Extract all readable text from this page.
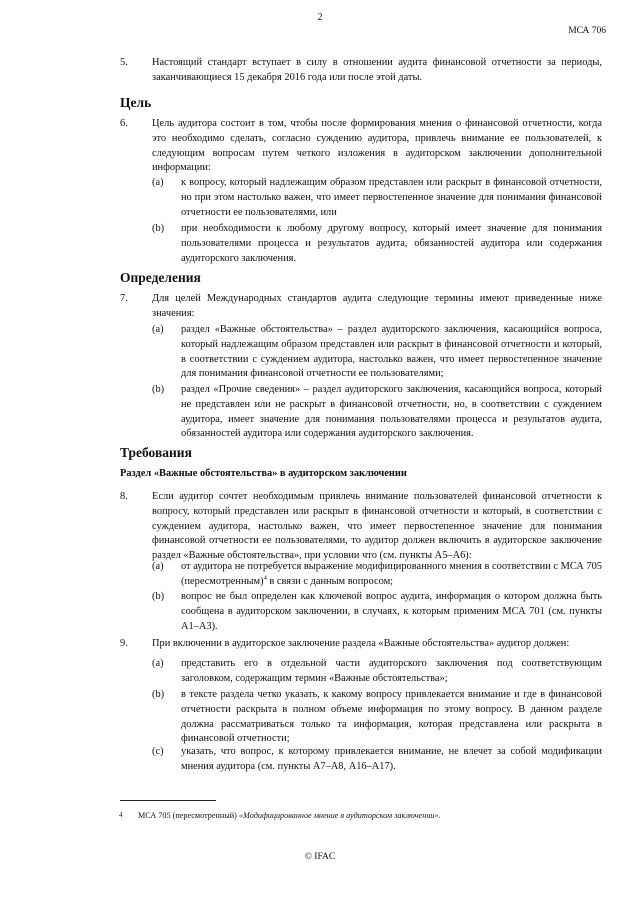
2
МСА 706
5. Настоящий стандарт вступает в силу в отношении аудита финансовой отчетности за периоды, заканчивающиеся 15 декабря 2016 года или после этой даты.
Цель
6. Цель аудитора состоит в том, чтобы после формирования мнения о финансовой отчетности, когда это необходимо сделать, согласно суждению аудитора, привлечь внимание ее пользователей, к следующим вопросам путем четкого изложения в аудиторском заключении дополнительной информации:
(a) к вопросу, который надлежащим образом представлен или раскрыт в финансовой отчетности, но при этом настолько важен, что имеет первостепенное значение для понимания финансовой отчетности ее пользователями, или
(b) при необходимости к любому другому вопросу, который имеет значение для понимания пользователями процесса и результатов аудита, обязанностей аудитора или содержания аудиторского заключения.
Определения
7. Для целей Международных стандартов аудита следующие термины имеют приведенные ниже значения:
(a) раздел «Важные обстоятельства» – раздел аудиторского заключения, касающийся вопроса, который надлежащим образом представлен или раскрыт в финансовой отчетности и который, в соответствии с суждением аудитора, настолько важен, что имеет первостепенное значение для понимания финансовой отчетности ее пользователями;
(b) раздел «Прочие сведения» – раздел аудиторского заключения, касающийся вопроса, который не представлен или не раскрыт в финансовой отчетности, но, в соответствии с суждением аудитора, имеет значение для понимания пользователями процесса и результатов аудита, обязанностей аудитора или содержания аудиторского заключения.
Требования
Раздел «Важные обстоятельства» в аудиторском заключении
8. Если аудитор сочтет необходимым привлечь внимание пользователей финансовой отчетности к вопросу, который представлен или раскрыт в финансовой отчетности и который, в соответствии с суждением аудитора, настолько важен, что имеет первостепенное значение для понимания финансовой отчетности ее пользователями, то аудитор должен включить в аудиторское заключение раздел «Важные обстоятельства», при условии что (см. пункты А5–А6):
(a) от аудитора не потребуется выражение модифицированного мнения в соответствии с МСА 705 (пересмотренным)$^4$ в связи с данным вопросом;
(b) вопрос не был определен как ключевой вопрос аудита, информация о котором должна быть сообщена в аудиторском заключении, в случаях, к которым применим МСА 701 (см. пункты А1–А3).
9. При включении в аудиторское заключение раздела «Важные обстоятельства» аудитор должен:
(a) представить его в отдельной части аудиторского заключения под соответствующим заголовком, содержащим термин «Важные обстоятельства»;
(b) в тексте раздела четко указать, к какому вопросу привлекается внимание и где в финансовой отчетности раскрыта в полном объеме информация по этому вопросу. В данном разделе должна рассматриваться только та информация, которая представлена или раскрыта в финансовой отчетности;
(c) указать, что вопрос, к которому привлекается внимание, не влечет за собой модификации мнения аудитора (см. пункты А7–А8, А16–А17).
4 МСА 705 (пересмотренный) «Модифицированное мнение в аудиторском заключении».
© IFAC
